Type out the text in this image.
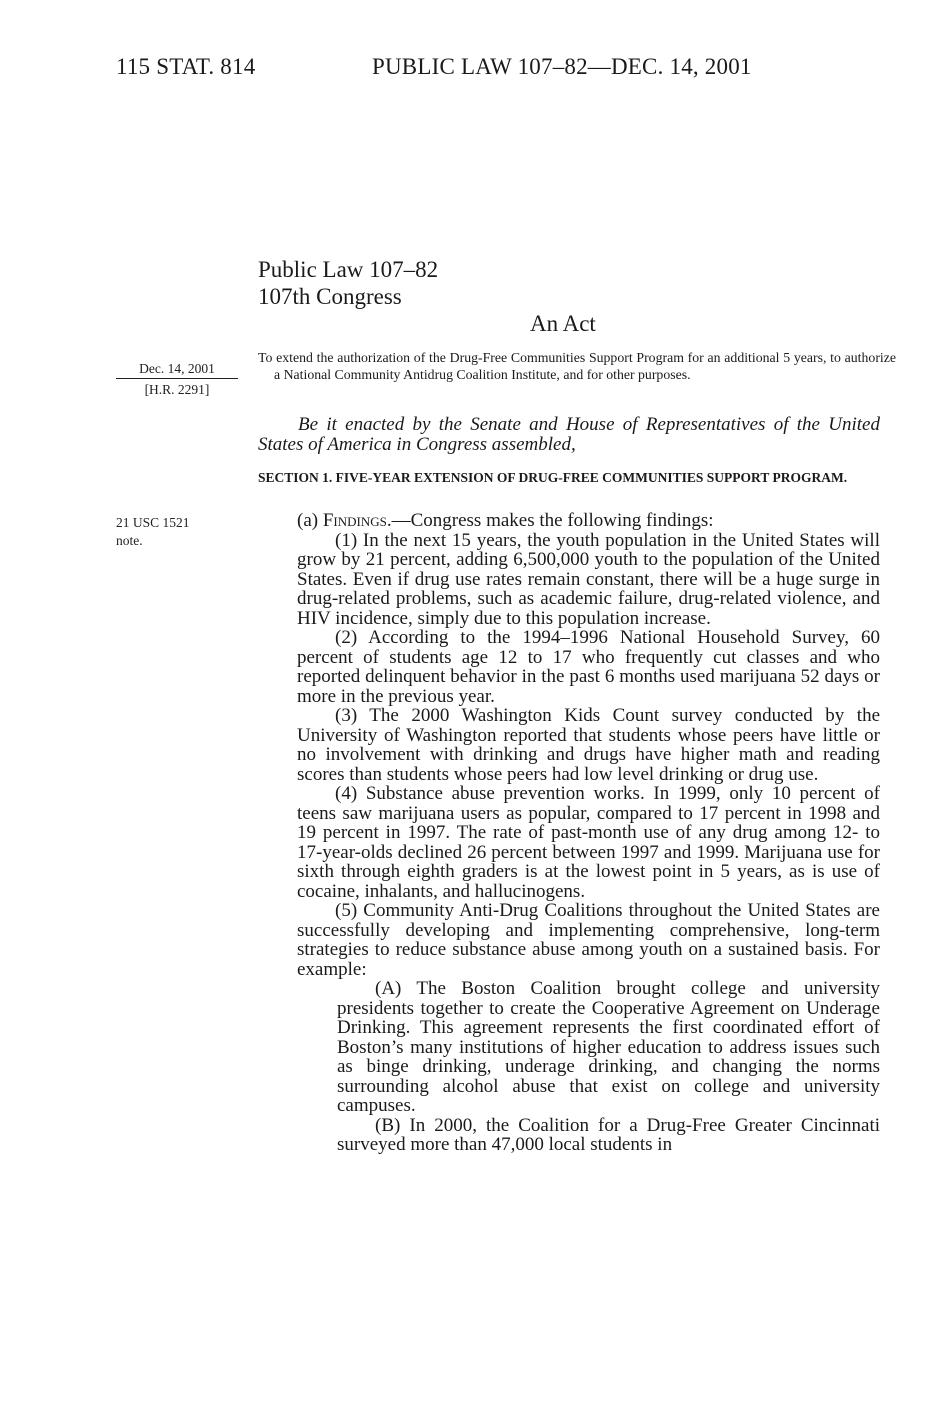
115 STAT. 814	PUBLIC LAW 107–82—DEC. 14, 2001
Public Law 107–82
107th Congress
An Act
Dec. 14, 2001
[H.R. 2291]
21 USC 1521
note.
To extend the authorization of the Drug-Free Communities Support Program for an additional 5 years, to authorize a National Community Antidrug Coalition Institute, and for other purposes.
Be it enacted by the Senate and House of Representatives of the United States of America in Congress assembled,
SECTION 1. FIVE-YEAR EXTENSION OF DRUG-FREE COMMUNITIES SUPPORT PROGRAM.

(a) Findings.—Congress makes the following findings:

(1) In the next 15 years, the youth population in the United States will grow by 21 percent, adding 6,500,000 youth to the population of the United States. Even if drug use rates remain constant, there will be a huge surge in drug-related problems, such as academic failure, drug-related violence, and HIV incidence, simply due to this population increase.

(2) According to the 1994–1996 National Household Survey, 60 percent of students age 12 to 17 who frequently cut classes and who reported delinquent behavior in the past 6 months used marijuana 52 days or more in the previous year.

(3) The 2000 Washington Kids Count survey conducted by the University of Washington reported that students whose peers have little or no involvement with drinking and drugs have higher math and reading scores than students whose peers had low level drinking or drug use.

(4) Substance abuse prevention works. In 1999, only 10 percent of teens saw marijuana users as popular, compared to 17 percent in 1998 and 19 percent in 1997. The rate of past-month use of any drug among 12- to 17-year-olds declined 26 percent between 1997 and 1999. Marijuana use for sixth through eighth graders is at the lowest point in 5 years, as is use of cocaine, inhalants, and hallucinogens.

(5) Community Anti-Drug Coalitions throughout the United States are successfully developing and implementing comprehensive, long-term strategies to reduce substance abuse among youth on a sustained basis. For example:

(A) The Boston Coalition brought college and university presidents together to create the Cooperative Agreement on Underage Drinking. This agreement represents the first coordinated effort of Boston’s many institutions of higher education to address issues such as binge drinking, underage drinking, and changing the norms surrounding alcohol abuse that exist on college and university campuses.

(B) In 2000, the Coalition for a Drug-Free Greater Cincinnati surveyed more than 47,000 local students in
